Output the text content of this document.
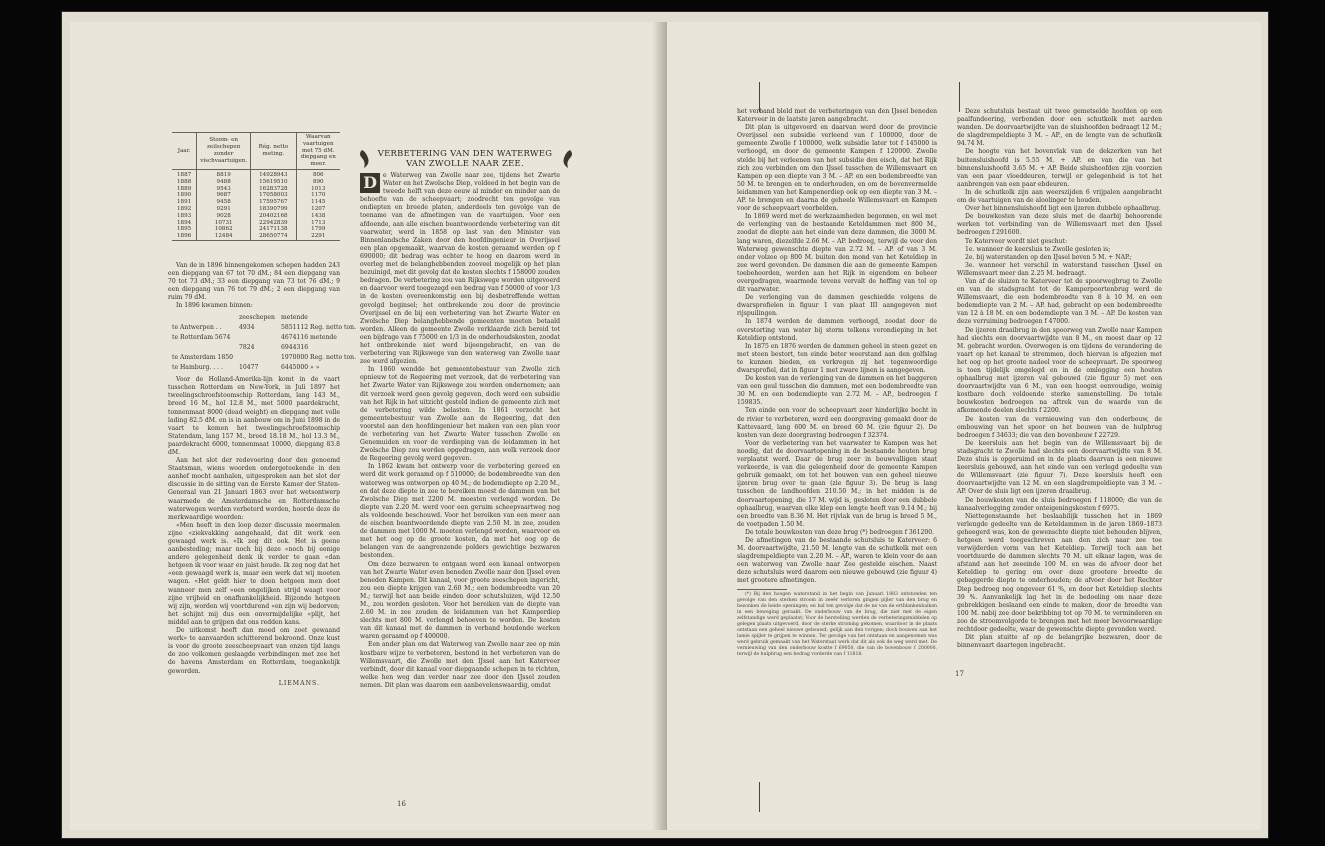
Jaar.	Stoom- en zeilschepen zonder vischvaartuigen.	Rég. netto meting.	Waarvan vaartuigen met 75 dM. diepgang en meer.
1887	8819	14928943	806
1888	9488	15619510	890
1889	9543	16283728	1013
1890	9687	17058003	1170
1891	9458	17595767	1145
1892	9291	18390799	1207
1893	9028	20402168	1438
1894	10731	22942839	1713
1895	10862	24171138	1799
1896	12484	28650774	2291

Van de in 1896 binnengekomen schepen hadden 243 een diepgang van 67 tot 70 dM.; 84 een diepgang van 70 tot 73 dM.; 33 een diepgang van 73 tot 76 dM.; 9 een diepgang van 76 tot 79 dM.; 2 een diepgang van ruim 79 dM.

In 1896 kwamen binnen:

	zeeschepen	metende
te Antwerpen . .	4934	5851112 Reg. netto ton.
te Rotterdam 5674		4674116 metende
	7824	6944316
te Amsterdam 1850		1970000 Reg. netto ton.
te Hamburg. . . .	10477	6445000 » »

Voor de Holland-Amerika-lijn komt in de vaart tusschen Rotterdam en New-York, in Juli 1897 het tweelingschroefstoomschip Rotterdam, lang 143 M., breed 16 M., hol 12.8 M., met 5000 paardekracht, tonnenmaat 8000 (dead weight) en diepgang met volle lading 82.5 dM. en is in aanbouw om in Juni 1898 in de vaart te komen het tweelingschroefstoomschip Statendam, lang 157 M., breed 18.18 M., hol 13.3 M., paardekracht 6000, tonnenmaat 10000, diepgang 83.8 dM.

Aan het slot der redevoering door den genoemd Staatsman, wiens woorden ondergeteekende in den aanhef mocht aanhalen, uitgesproken aan het slot der discussie in de sitting van de Eerste Kamer der Staten-Generaal van 21 Januari 1863 over het wetsontwerp waarmede de Amsterdamsche en Rotterdamsche waterwegen werden verbeterd werden, hoorde deze de merkwaardige woorden:

«Men heeft in den loop dezer discussie meermalen zijne «ziekvakking aangehaald, dat dit werk een gewaagd werk is. «Ik zeg dit ook. Het is geene aanbesteding; maar noch bij deze «noch bij eenige andere gelegenheid denk ik verder te gaan «dan hetgeen ik voor waar en juist houde. Ik zeg nog dat het «een gewaagd werk is, maar een werk dat wij moeten wagen. «Het geldt hier te doen hetgeen men doet wanneer men zelf «een ongelijken strijd waagt voor zijne vrijheid en onafhankelijkheid. Bijzonde hetgeen wij zijn, worden wij voortdurend «en zijn wij bedorven; het schijnt mij dus een onvermijdelijke «plijt, het middel aan te grijpen dat ons redden kans.

De uitkomst heeft dan moed om zoet gewaand werk» te aanvaarden schitterend bekroond. Onze kust is voor de groote zeescheepvaart van onzen tijd langs de zoo volkomen geslaagde verbindingen met zee het de havens Amsterdam en Rotterdam, toegankelijk geworden.

LIEMANS.
VERBETERING VAN DEN WATERWEG
VAN ZWOLLE NAAR ZEE.
D e Waterweg van Zwolle naar zee, tijdens het Zwarte Water en het Zwolsche Diep, voldeed in het begin van de tweede helft van deze eeuw al minder en minder aan de behoefte van de scheepvaart; zoodrecht ten gevolge van ondiepten en breede platen, anderdeels ten gevolge van de toename van de afmetingen van de vaartuigen. Voor een afdoende, aan alle eischen beantwoordende verbetering van dit vaarwater, werd in 1858 op last van den Minister van Binnenlandsche Zaken door den hoofdingenieur in Overijssel een plan opgemaakt, waarvan de kosten geraamd werden op f 690000; dit bedrag was echter te hoog en daarom werd in overleg met de belanghebbenden zooveel mogelijk op het plan bezuinigd, met dit gevolg dat de kosten slechts f 158000 zouden bedragen. De verbetering zou van Rijkswege worden uitgevoerd en daarvoor werd toegezegd een bedrag van f 50000 of voor 1/3 in de kosten overeenkomstig een bij desbetreffende wetten gevolgd beginsel; het ontbrekende zou door de provincie Overijssel en de bij een verbetering van het Zwarte Water en Zwolsche Diep belanghebbende gemeenten moeten betaald worden. Alleen de gemeente Zwolle verklaarde zich bereid tot een bijdrage van f 75000 en 1/3 in de onderhoudskosten, zoodat het ontbrekende niet werd bijeengebracht, en van de verbetering van Rijkswege van den waterweg van Zwolle naar zee werd afgezien.

In 1860 wendde het gemeentebestuur van Zwolle zich opnieuw tot de Regeering met verzoek, dat de verbetering van het Zwarte Water van Rijkswege zou worden ondernomen; aan dit verzoek werd geen gevolg gegeven, doch werd een subsidie van het Rijk in het uitzicht gesteld indien de gemeente zich met de verbetering wilde belasten. In 1861 verzocht het gemeentebestuur van Zwolle aan de Regeering, dat den voorstel aan den hoofdingenieur het maken van een plan voor de verbetering van het Zwarte Water tusschen Zwolle en Genemuiden en voor de verdieping van de leidammen in het Zwolsche Diep zou worden opgedragen, aan welk verzoek door de Regeering gevolg werd gegeven.

In 1862 kwam het ontwerp voor de verbetering gereed en werd dit werk geraamd op f 510000; de bodembreedte van den waterweg was ontworpen op 40 M.; de bodemdiepte op 2.20 M., en dat deze diepte in zee te bereiken moest de dammen van het Zwolsche Diep met 2200 M. moesten verlengd worden. De diepte van 2.20 M. werd voor een geruim scheepvaartweg nog als voldoende beschouwd. Voor het bereiken van een meer aan de eischen beantwoordende diepte van 2.50 M. in zee, zouden de dammen met 1000 M. moeten verlengd worden, waarvoor en met het oog op de groote kosten, da met het oog op de belangen van de aangrenzende polders gewichtige bezwaren bestonden.

Om deze bezwaren te ontgaan werd een kanaal ontworpen van het Zwarte Water even beneden Zwolle naar den IJssel even beneden Kampen. Dit kanaal, voor groote zeeschepen ingericht, zou een diepte krijgen van 2.60 M.; een bodembreedte van 20 M.; terwijl het aan beide einden door schutsluizen, wijd 12.50 M., zou worden gesloten. Voor het bereiken van de diepte van 2.60 M. in zee zouden de leidammen van het Kamperdiep slechts met 800 M. verlengd behoeven te worden. De kosten van dit kanaal met de dammen in verband houdende werken waren geraamd op f 400000.

Een ander plan om dat Waterweg van Zwolle naar zee op min kostbare wijze te verbeteren, bestond in het verbeteren van de Willemsvaart, die Zwolle met den IJssel aan het Katerveer verbindt, door dit kanaal voor diepgaande schepen in te richten, welke hen weg dan verder naar zee door den IJssel zouden nemen. Dit plan was daarom een aanbevelenswaardig, omdat

16

het verband bleld met de verbeteringen van den IJssel beneden Katerveer in de laatste jaren aangebracht.

Dit plan is uitgevoerd en daarvan werd door de provincie Overijssel een subsidie verleend van f 100000, door de gemeente Zwolle f 100000, welk subsidie later tot f 145000 is verhoogd, en door de gemeente Kampen f 120000. Zwolle stelde bij het verleenen van het subsidie den eisch, dat het Rijk zich zou verbinden om den IJssel tusschen de Willemsvaart en Kampen op een diepte van 3 M. – AP. en een bodembreedte van 50 M. te brengen en te onderhouden, en om de bovenvermelde leidammen van het Kampenerdiep ook op een diepte van 3 M. – AP. te brengen en daarna de geheele Willemsvaart en Kampen voor de scheepvaart voorbelden.

In 1869 werd met de werkzaamheden begonnen, en wel met de verlenging van de bestaande Keteldammen met 800 M., zoodat de diepte aan het einde van deze dammen, die 3000 M. lang waren, diezelfde 2.66 M. – AP. bedroeg, terwijl de voor den Waterweg gewenschte diepte van 2.72 M. – AP. of van 3 M. onder volzee op 800 M. buiten den mond van het Keteldiep in zee werd gevonden. De dammen die aan de gemeente Kampen toebehoorden, werden aan het Rijk in eigendom en beheer overgedragen, waarmede tevens vervalt de heffing van tol op dit vaarwater.

De verlenging van de dammen geschiedde volgens de dwarsprofielen in figuur 1 van plaat III aangegeven met rijspuilingen.

In 1874 werden de dammen verhoogd, zoodat door de overstorting van water bij storm telkens verondieping in het Keteldiep ontstond.

In 1875 en 1876 werden de dammen geheel in steen gezet en met steen bestort, ten einde beter weerstand aan den golfslag te kunnen bieden, en verkregen zij het tegenwoordige dwarsprofiel, dat in figuur 1 met zware lijnen is aangegeven.

De kosten van de verlenging van de dammen en het baggeren van een geul tusschen die dammen, met een bodembreedte van 30 M. en een bodemdiepte van 2.72 M. – AP., bedroegen f 159835.

Ten einde een voor de scheepvaart zeer hinderlijke bocht in de rivier te verbeteren, werd een doorgraving gemaakt door de Kattevaard, lang 600 M. en breed 60 M. (zie figuur 2). De kosten van deze doorgraving bedroegen f 32374.

Voor de verbetering van het vaarwater te Kampen was het noodig, dat de doorvaartopening in de bestaande houten brug verplaatst werd. Daar de brug zeer in bouwvalligen staat verkeerde, is van die gelegenheid door de gemeente Kampen gebruik gemaakt, om tot het bouwen van een geheel nieuwe ijzeren brug over te gaan (zie figuur 3). De brug is lang tusschen de landhoofden 210.50 M.; in het midden is de doorvaartopening, die 17 M. wijd is, gesloten door een dubbele ophaalbrug, waarvan elke klep een lengte heeft van 9.14 M.; bij een breedte van 8.36 M. Het rijvlak van de brug is breed 5 M., de voetpaden 1.50 M.

De totale bouwkosten van deze brug (*) bedroegen f 361200.

De afmetingen van de bestaande schutsluis te Katerveer: 6 M. doorvaartwijdte, 21.50 M. lengte van de schutkolk met een slagdrempeldiepte van 2.20 M. – AP., waren te klein voor de aan een waterweg van Zwolle naar Zee gestelde eischen. Naast deze schutsluis werd daarom een nieuwe gebouwd (zie figuur 4) met grootere afmetingen.

(*) Bij den hoogen waterstand in het begin van Januari 1883 ontstonden ten gevolge van den sterken stroom in zeeër verloren gingen pijler van den brug en bezonken de beide openingen; en bal ten gevolge dat de ne van de ertblankenbalken in een beweging geraakt. De onderbouw van de brug, die niet met de eigen zelfstandige werd geplaatst; Voor de herstelling werden de verbeteringsmiddelen op gelegen plaats uitgevoerd, door de sterke stroming gekomen, waardoor in de plaats ontstaan een geheel nieuwe gebouwd; gelijk aan den vorigen; doch bouwen aan het lamie spijler te grijpen te winnen. Ter gevolge van het ontstaan en aangenomen was werd gebruik gemaakt van het Waterstaat werk dat dit als ook de weg werd met. De vernieuwing van den onderbouw kostte f 69050, die van de bovenbouw f 200000, terwijl de hulpbrug een bedrag vorderde van f 11818.

Deze schutsluis bestaat uit twee gemetselde hoofden op een paalfundeering, verbonden door een schutkolk met aarden wanden. De doorvaartwijdte van de sluishoofden bedraagt 12 M.; de slagdrempeldiepte 3 M. – AP., en de lengte van de schutkolk 94.74 M.

De hoogte van het bovenvlak van de dekzerken van het buitensluishoofd is 5.55 M. + AP. en van die van het binnensluishoofd 3.65 M. + AP. Beide sluishoofden zijn voorzien van een paar vloeddeuren, terwijl er gelegenheid is tot het aanbrengen van een paar ebdeuren.

In de schutkolk zijn aan weerszijden 6 vrijpalen aangebracht om de vaartuigen van de aloolinger te houden.

Over het binnensluishoofd ligt een ijzeren dubbele ophaalbrug.

De bouwkosten van deze sluis met de daarbij behoorende werken tot verbinding van de Willemsvaart met den IJssel bedroegen f 291600.

Te Katerveer wordt niet geschut:

1e. wanneer de keersluis te Zwolle gesloten is;

2e. bij waterstanden op den IJssel boven 5 M. + NAP.;

3e. wanneer het verschil in waterstand tusschen IJssel en Willemsvaart meer dan 2.25 M. bedraagt.

Van af de sluizen te Katerveer tot de spoorwegbrug te Zwolle en van de stadsgracht tot de Kamperpoortenbrug werd de Willemsvaart, die een bodembreedte van 8 à 10 M. en een bodemdiepte van 2 M. – AP. had, gebracht op een bodembreedte van 12 à 18 M. en een bodemdiepte van 3 M. – AP. De kosten van deze verruiming bedroegen f 47000.

De ijzeren draaibrug in den spoorweg van Zwolle naar Kampen had slechts een doorvaartwijdte van 8 M., en moest daar op 12 M. gebracht worden. Overwogen is om tijdens de verandering de vaart op het kanaal te stremmen, doch hiervan is afgezien met het oog op het groote nadeel voor de scheepvaart. De spoorweg is toen tijdelijk omgelegd en in de omlegging een houten ophaalbrug met ijzeren val gebouwd (zie figuur 5) met een doorvaartwijdte van 6 M., van een hoogst eenvoudige, weinig kostbare doch voldoende sterke samenstelling. De totale bouwkosten bedroegen na aftrek van de waarde van de afkomende deelen slechts f 2200.

De kosten van de vernieuwing van den onderbouw, de ombouwing van het spoor en het bouwen van de hulpbrug bedroegen f 34633; die van den bovenbouw f 22729.

De keersluis aan het begin van de Willemsvaart bij de stadsgracht te Zwolle had slechts een doorvaartwijdte van 8 M. Deze sluis is opgeruimd en in de plaats daarvan is een nieuwe keersluis gebouwd, aan het einde van een verlegd gedeelte van de Willemsvaart (zie figuur 7). Deze keersluis heeft een doorvaartwijdte van 12 M. en een slagdrempeldiepte van 3 M. – AP. Over de sluis ligt een ijzeren draaibrug.

De bouwkosten van de sluis bedroegen f 118000; die van de kanaalverlegging zonder onteigeningskosten f 6975.

Niettegenstaande het beslaabilijk tusschen het in 1869 verlengde gedeelte van de Keteldammen in de jaren 1869–1873 geheegerd was, kon de gewenschte diepte niet behouden blijven, hetgeen werd toegeschreven aan den zich naar zee toe verwijderden vorm van het Keteldiep. Terwijl toch aan het voortduurde de dammen slechts 70 M. uit elkaar lagen, was de afstand aan het zeeeinde 100 M. en was de afvoer door het Keteldiep te gering om over deze grootere breedte de gebaggerde diepte te onderhouden; de afvoer door het Rechter Diep bedroeg nog ongeveer 61 %, en door het Keteldiep slechts 39 %. Aanvankelijk lag het in de bedoeling om naar deze gebrekkigen beslaand een einde te maken, door de breedte van 100 M. nabij zee door bekribbing tot op 70 M. te verminderen en zoo de stroomvolgorde te brengen met het meer bevoorwaardige rechtdoor gedeelte, waar de gewenschte diepte gevonden werd.

Dit plan stuitte af op de belangrijke bezwaren, door de binnenvaart daartegen ingebracht.

17
